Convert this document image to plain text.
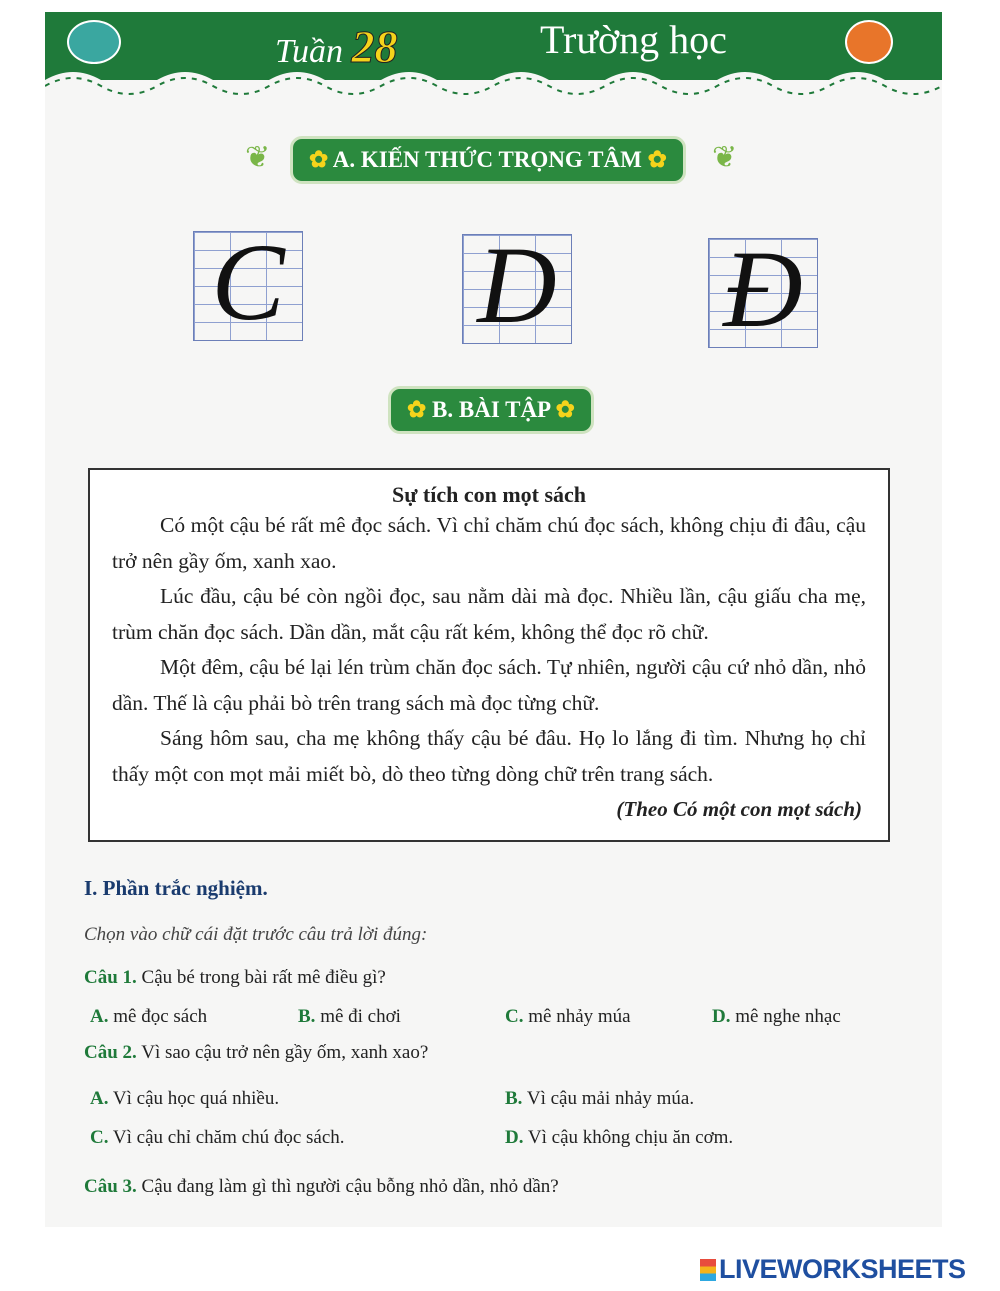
Tuần 28	Trường học
✿ A. KIẾN THỨC TRỌNG TÂM ✿
❦	❦
C D Đ
✿ B. BÀI TẬP ✿
Sự tích con mọt sách

Có một cậu bé rất mê đọc sách. Vì chỉ chăm chú đọc sách, không chịu đi đâu, cậu trở nên gầy ốm, xanh xao.

Lúc đầu, cậu bé còn ngồi đọc, sau nằm dài mà đọc. Nhiều lần, cậu giấu cha mẹ, trùm chăn đọc sách. Dần dần, mắt cậu rất kém, không thể đọc rõ chữ.

Một đêm, cậu bé lại lén trùm chăn đọc sách. Tự nhiên, người cậu cứ nhỏ dần, nhỏ dần. Thế là cậu phải bò trên trang sách mà đọc từng chữ.

Sáng hôm sau, cha mẹ không thấy cậu bé đâu. Họ lo lắng đi tìm. Nhưng họ chỉ thấy một con mọt mải miết bò, dò theo từng dòng chữ trên trang sách.

(Theo Có một con mọt sách)
I. Phần trắc nghiệm.
Chọn vào chữ cái đặt trước câu trả lời đúng:
Câu 1. Cậu bé trong bài rất mê điều gì?
A. mê đọc sách	B. mê đi chơi	C. mê nhảy múa	D. mê nghe nhạc
Câu 2. Vì sao cậu trở nên gầy ốm, xanh xao?
A. Vì cậu học quá nhiều.	B. Vì cậu mải nhảy múa.
C. Vì cậu chỉ chăm chú đọc sách.	D. Vì cậu không chịu ăn cơm.
Câu 3. Cậu đang làm gì thì người cậu bỗng nhỏ dần, nhỏ dần?
LIVEWORKSHEETS
